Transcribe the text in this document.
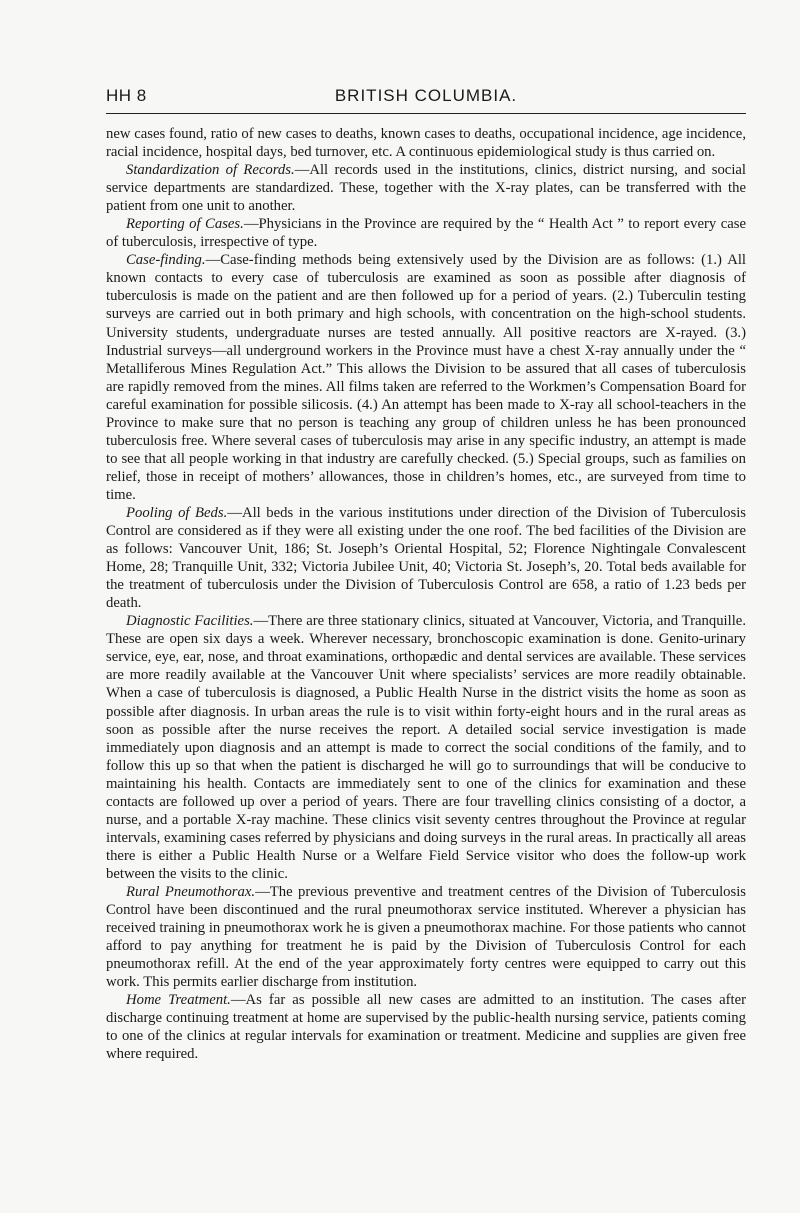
HH 8	BRITISH COLUMBIA.

new cases found, ratio of new cases to deaths, known cases to deaths, occupational incidence, age incidence, racial incidence, hospital days, bed turnover, etc. A continuous epidemiological study is thus carried on.

Standardization of Records.—All records used in the institutions, clinics, district nursing, and social service departments are standardized. These, together with the X-ray plates, can be transferred with the patient from one unit to another.

Reporting of Cases.—Physicians in the Province are required by the “ Health Act ” to report every case of tuberculosis, irrespective of type.

Case-finding.—Case-finding methods being extensively used by the Division are as follows: (1.) All known contacts to every case of tuberculosis are examined as soon as possible after diagnosis of tuberculosis is made on the patient and are then followed up for a period of years. (2.) Tuberculin testing surveys are carried out in both primary and high schools, with concentration on the high-school students. University students, undergraduate nurses are tested annually. All positive reactors are X-rayed. (3.) Industrial surveys—all underground workers in the Province must have a chest X-ray annually under the “ Metalliferous Mines Regulation Act.” This allows the Division to be assured that all cases of tuberculosis are rapidly removed from the mines. All films taken are referred to the Workmen’s Compensation Board for careful examination for possible silicosis. (4.) An attempt has been made to X-ray all school-teachers in the Province to make sure that no person is teaching any group of children unless he has been pronounced tuberculosis free. Where several cases of tuberculosis may arise in any specific industry, an attempt is made to see that all people working in that industry are carefully checked. (5.) Special groups, such as families on relief, those in receipt of mothers’ allowances, those in children’s homes, etc., are surveyed from time to time.

Pooling of Beds.—All beds in the various institutions under direction of the Division of Tuberculosis Control are considered as if they were all existing under the one roof. The bed facilities of the Division are as follows: Vancouver Unit, 186; St. Joseph’s Oriental Hospital, 52; Florence Nightingale Convalescent Home, 28; Tranquille Unit, 332; Victoria Jubilee Unit, 40; Victoria St. Joseph’s, 20. Total beds available for the treatment of tuberculosis under the Division of Tuberculosis Control are 658, a ratio of 1.23 beds per death.

Diagnostic Facilities.—There are three stationary clinics, situated at Vancouver, Victoria, and Tranquille. These are open six days a week. Wherever necessary, bronchoscopic examination is done. Genito-urinary service, eye, ear, nose, and throat examinations, orthopædic and dental services are available. These services are more readily available at the Vancouver Unit where specialists’ services are more readily obtainable. When a case of tuberculosis is diagnosed, a Public Health Nurse in the district visits the home as soon as possible after diagnosis. In urban areas the rule is to visit within forty-eight hours and in the rural areas as soon as possible after the nurse receives the report. A detailed social service investigation is made immediately upon diagnosis and an attempt is made to correct the social conditions of the family, and to follow this up so that when the patient is discharged he will go to surroundings that will be conducive to maintaining his health. Contacts are immediately sent to one of the clinics for examination and these contacts are followed up over a period of years. There are four travelling clinics consisting of a doctor, a nurse, and a portable X-ray machine. These clinics visit seventy centres throughout the Province at regular intervals, examining cases referred by physicians and doing surveys in the rural areas. In practically all areas there is either a Public Health Nurse or a Welfare Field Service visitor who does the follow-up work between the visits to the clinic.

Rural Pneumothorax.—The previous preventive and treatment centres of the Division of Tuberculosis Control have been discontinued and the rural pneumothorax service instituted. Wherever a physician has received training in pneumothorax work he is given a pneumothorax machine. For those patients who cannot afford to pay anything for treatment he is paid by the Division of Tuberculosis Control for each pneumothorax refill. At the end of the year approximately forty centres were equipped to carry out this work. This permits earlier discharge from institution.

Home Treatment.—As far as possible all new cases are admitted to an institution. The cases after discharge continuing treatment at home are supervised by the public-health nursing service, patients coming to one of the clinics at regular intervals for examination or treatment. Medicine and supplies are given free where required.
